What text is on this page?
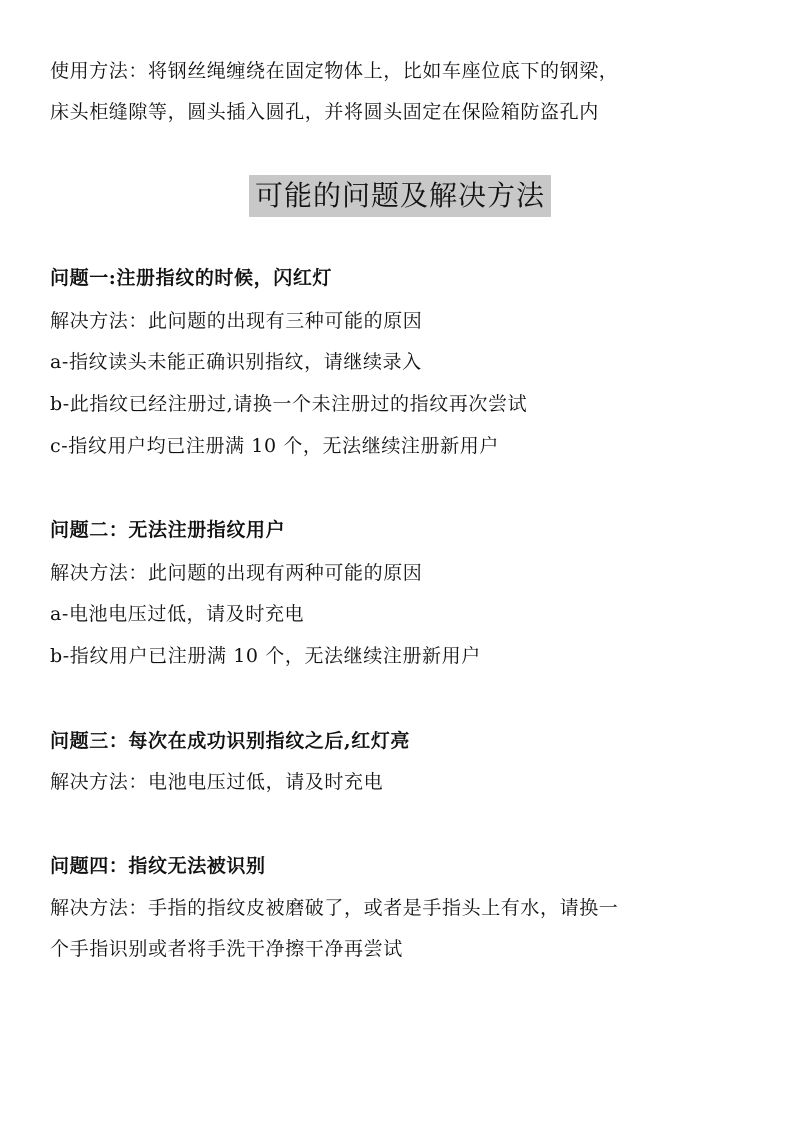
使用方法：将钢丝绳缠绕在固定物体上，比如车座位底下的钢梁，
床头柜缝隙等，圆头插入圆孔，并将圆头固定在保险箱防盗孔内
可能的问题及解决方法
问题一:注册指纹的时候，闪红灯
解决方法：此问题的出现有三种可能的原因
a-指纹读头未能正确识别指纹，请继续录入
b-此指纹已经注册过,请换一个未注册过的指纹再次尝试
c-指纹用户均已注册满 10 个，无法继续注册新用户
问题二：无法注册指纹用户
解决方法：此问题的出现有两种可能的原因
a-电池电压过低，请及时充电
b-指纹用户已注册满 10 个，无法继续注册新用户
问题三：每次在成功识别指纹之后,红灯亮
解决方法：电池电压过低，请及时充电
问题四：指纹无法被识别
解决方法：手指的指纹皮被磨破了，或者是手指头上有水，请换一
个手指识别或者将手洗干净擦干净再尝试
